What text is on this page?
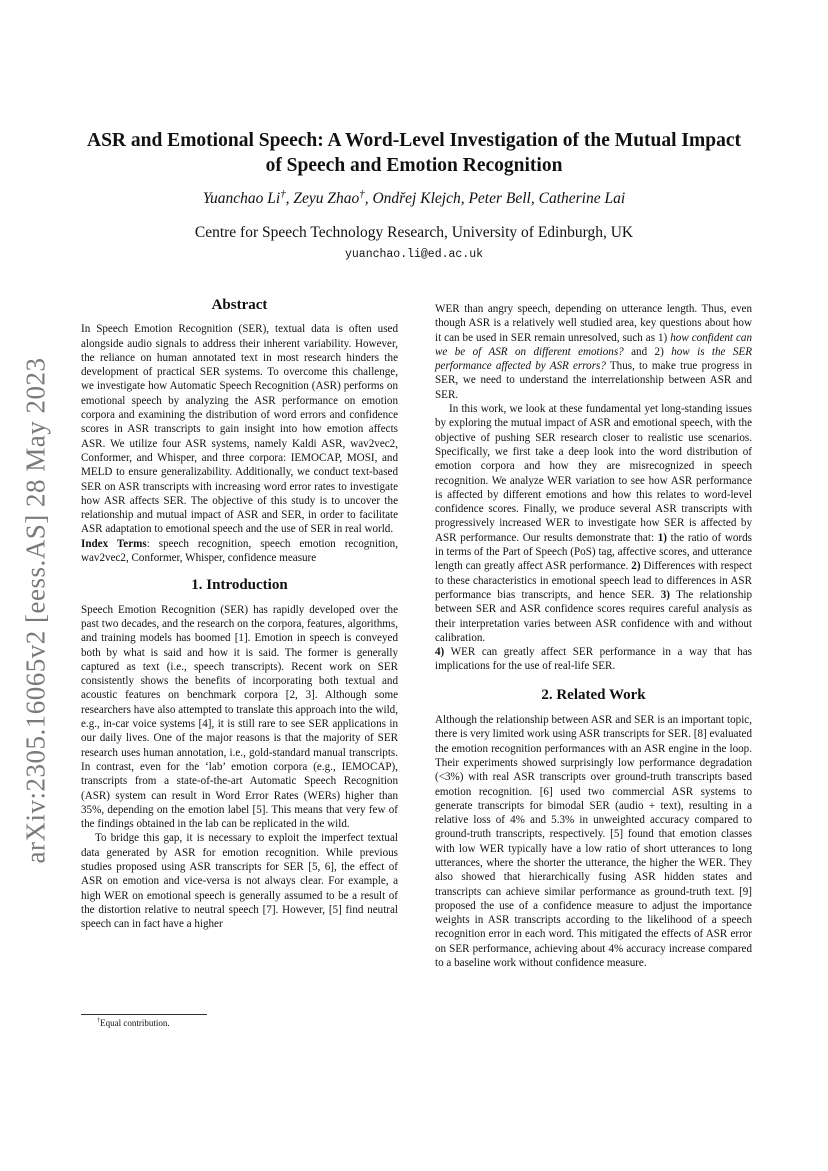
arXiv:2305.16065v2 [eess.AS] 28 May 2023
ASR and Emotional Speech: A Word-Level Investigation of the Mutual Impact
of Speech and Emotion Recognition
Yuanchao Li†, Zeyu Zhao†, Ondřej Klejch, Peter Bell, Catherine Lai
Centre for Speech Technology Research, University of Edinburgh, UK
yuanchao.li@ed.ac.uk
Abstract

In Speech Emotion Recognition (SER), textual data is often used alongside audio signals to address their inherent variability. However, the reliance on human annotated text in most research hinders the development of practical SER systems. To overcome this challenge, we investigate how Automatic Speech Recognition (ASR) performs on emotional speech by analyzing the ASR performance on emotion corpora and examining the distribution of word errors and confidence scores in ASR transcripts to gain insight into how emotion affects ASR. We utilize four ASR systems, namely Kaldi ASR, wav2vec2, Conformer, and Whisper, and three corpora: IEMOCAP, MOSI, and MELD to ensure generalizability. Additionally, we conduct text-based SER on ASR transcripts with increasing word error rates to investigate how ASR affects SER. The objective of this study is to uncover the relationship and mutual impact of ASR and SER, in order to facilitate ASR adaptation to emotional speech and the use of SER in real world.

Index Terms: speech recognition, speech emotion recognition, wav2vec2, Conformer, Whisper, confidence measure

1. Introduction

Speech Emotion Recognition (SER) has rapidly developed over the past two decades, and the research on the corpora, features, algorithms, and training models has boomed [1]. Emotion in speech is conveyed both by what is said and how it is said. The former is generally captured as text (i.e., speech transcripts). Recent work on SER consistently shows the benefits of incorporating both textual and acoustic features on benchmark corpora [2, 3]. Although some researchers have also attempted to translate this approach into the wild, e.g., in-car voice systems [4], it is still rare to see SER applications in our daily lives. One of the major reasons is that the majority of SER research uses human annotation, i.e., gold-standard manual transcripts. In contrast, even for the ‘lab’ emotion corpora (e.g., IEMOCAP), transcripts from a state-of-the-art Automatic Speech Recognition (ASR) system can result in Word Error Rates (WERs) higher than 35%, depending on the emotion label [5]. This means that very few of the findings obtained in the lab can be replicated in the wild.

To bridge this gap, it is necessary to exploit the imperfect textual data generated by ASR for emotion recognition. While previous studies proposed using ASR transcripts for SER [5, 6], the effect of ASR on emotion and vice-versa is not always clear. For example, a high WER on emotional speech is generally assumed to be a result of the distortion relative to neutral speech [7]. However, [5] find neutral speech can in fact have a higher

†Equal contribution.

WER than angry speech, depending on utterance length. Thus, even though ASR is a relatively well studied area, key questions about how it can be used in SER remain unresolved, such as 1) how confident can we be of ASR on different emotions? and 2) how is the SER performance affected by ASR errors? Thus, to make true progress in SER, we need to understand the interrelationship between ASR and SER.

In this work, we look at these fundamental yet long-standing issues by exploring the mutual impact of ASR and emotional speech, with the objective of pushing SER research closer to realistic use scenarios. Specifically, we first take a deep look into the word distribution of emotion corpora and how they are misrecognized in speech recognition. We analyze WER variation to see how ASR performance is affected by different emotions and how this relates to word-level confidence scores. Finally, we produce several ASR transcripts with progressively increased WER to investigate how SER is affected by ASR performance. Our results demonstrate that: 1) the ratio of words in terms of the Part of Speech (PoS) tag, affective scores, and utterance length can greatly affect ASR performance. 2) Differences with respect to these characteristics in emotional speech lead to differences in ASR performance bias transcripts, and hence SER. 3) The relationship between SER and ASR confidence scores requires careful analysis as their interpretation varies between ASR confidence with and without calibration.
4) WER can greatly affect SER performance in a way that has implications for the use of real-life SER.

2. Related Work

Although the relationship between ASR and SER is an important topic, there is very limited work using ASR transcripts for SER. [8] evaluated the emotion recognition performances with an ASR engine in the loop. Their experiments showed surprisingly low performance degradation (<3%) with real ASR transcripts over ground-truth transcripts based emotion recognition. [6] used two commercial ASR systems to generate transcripts for bimodal SER (audio + text), resulting in a relative loss of 4% and 5.3% in unweighted accuracy compared to ground-truth transcripts, respectively. [5] found that emotion classes with low WER typically have a low ratio of short utterances to long utterances, where the shorter the utterance, the higher the WER. They also showed that hierarchically fusing ASR hidden states and transcripts can achieve similar performance as ground-truth text. [9] proposed the use of a confidence measure to adjust the importance weights in ASR transcripts according to the likelihood of a speech recognition error in each word. This mitigated the effects of ASR error on SER performance, achieving about 4% accuracy increase compared to a baseline work without confidence measure.
